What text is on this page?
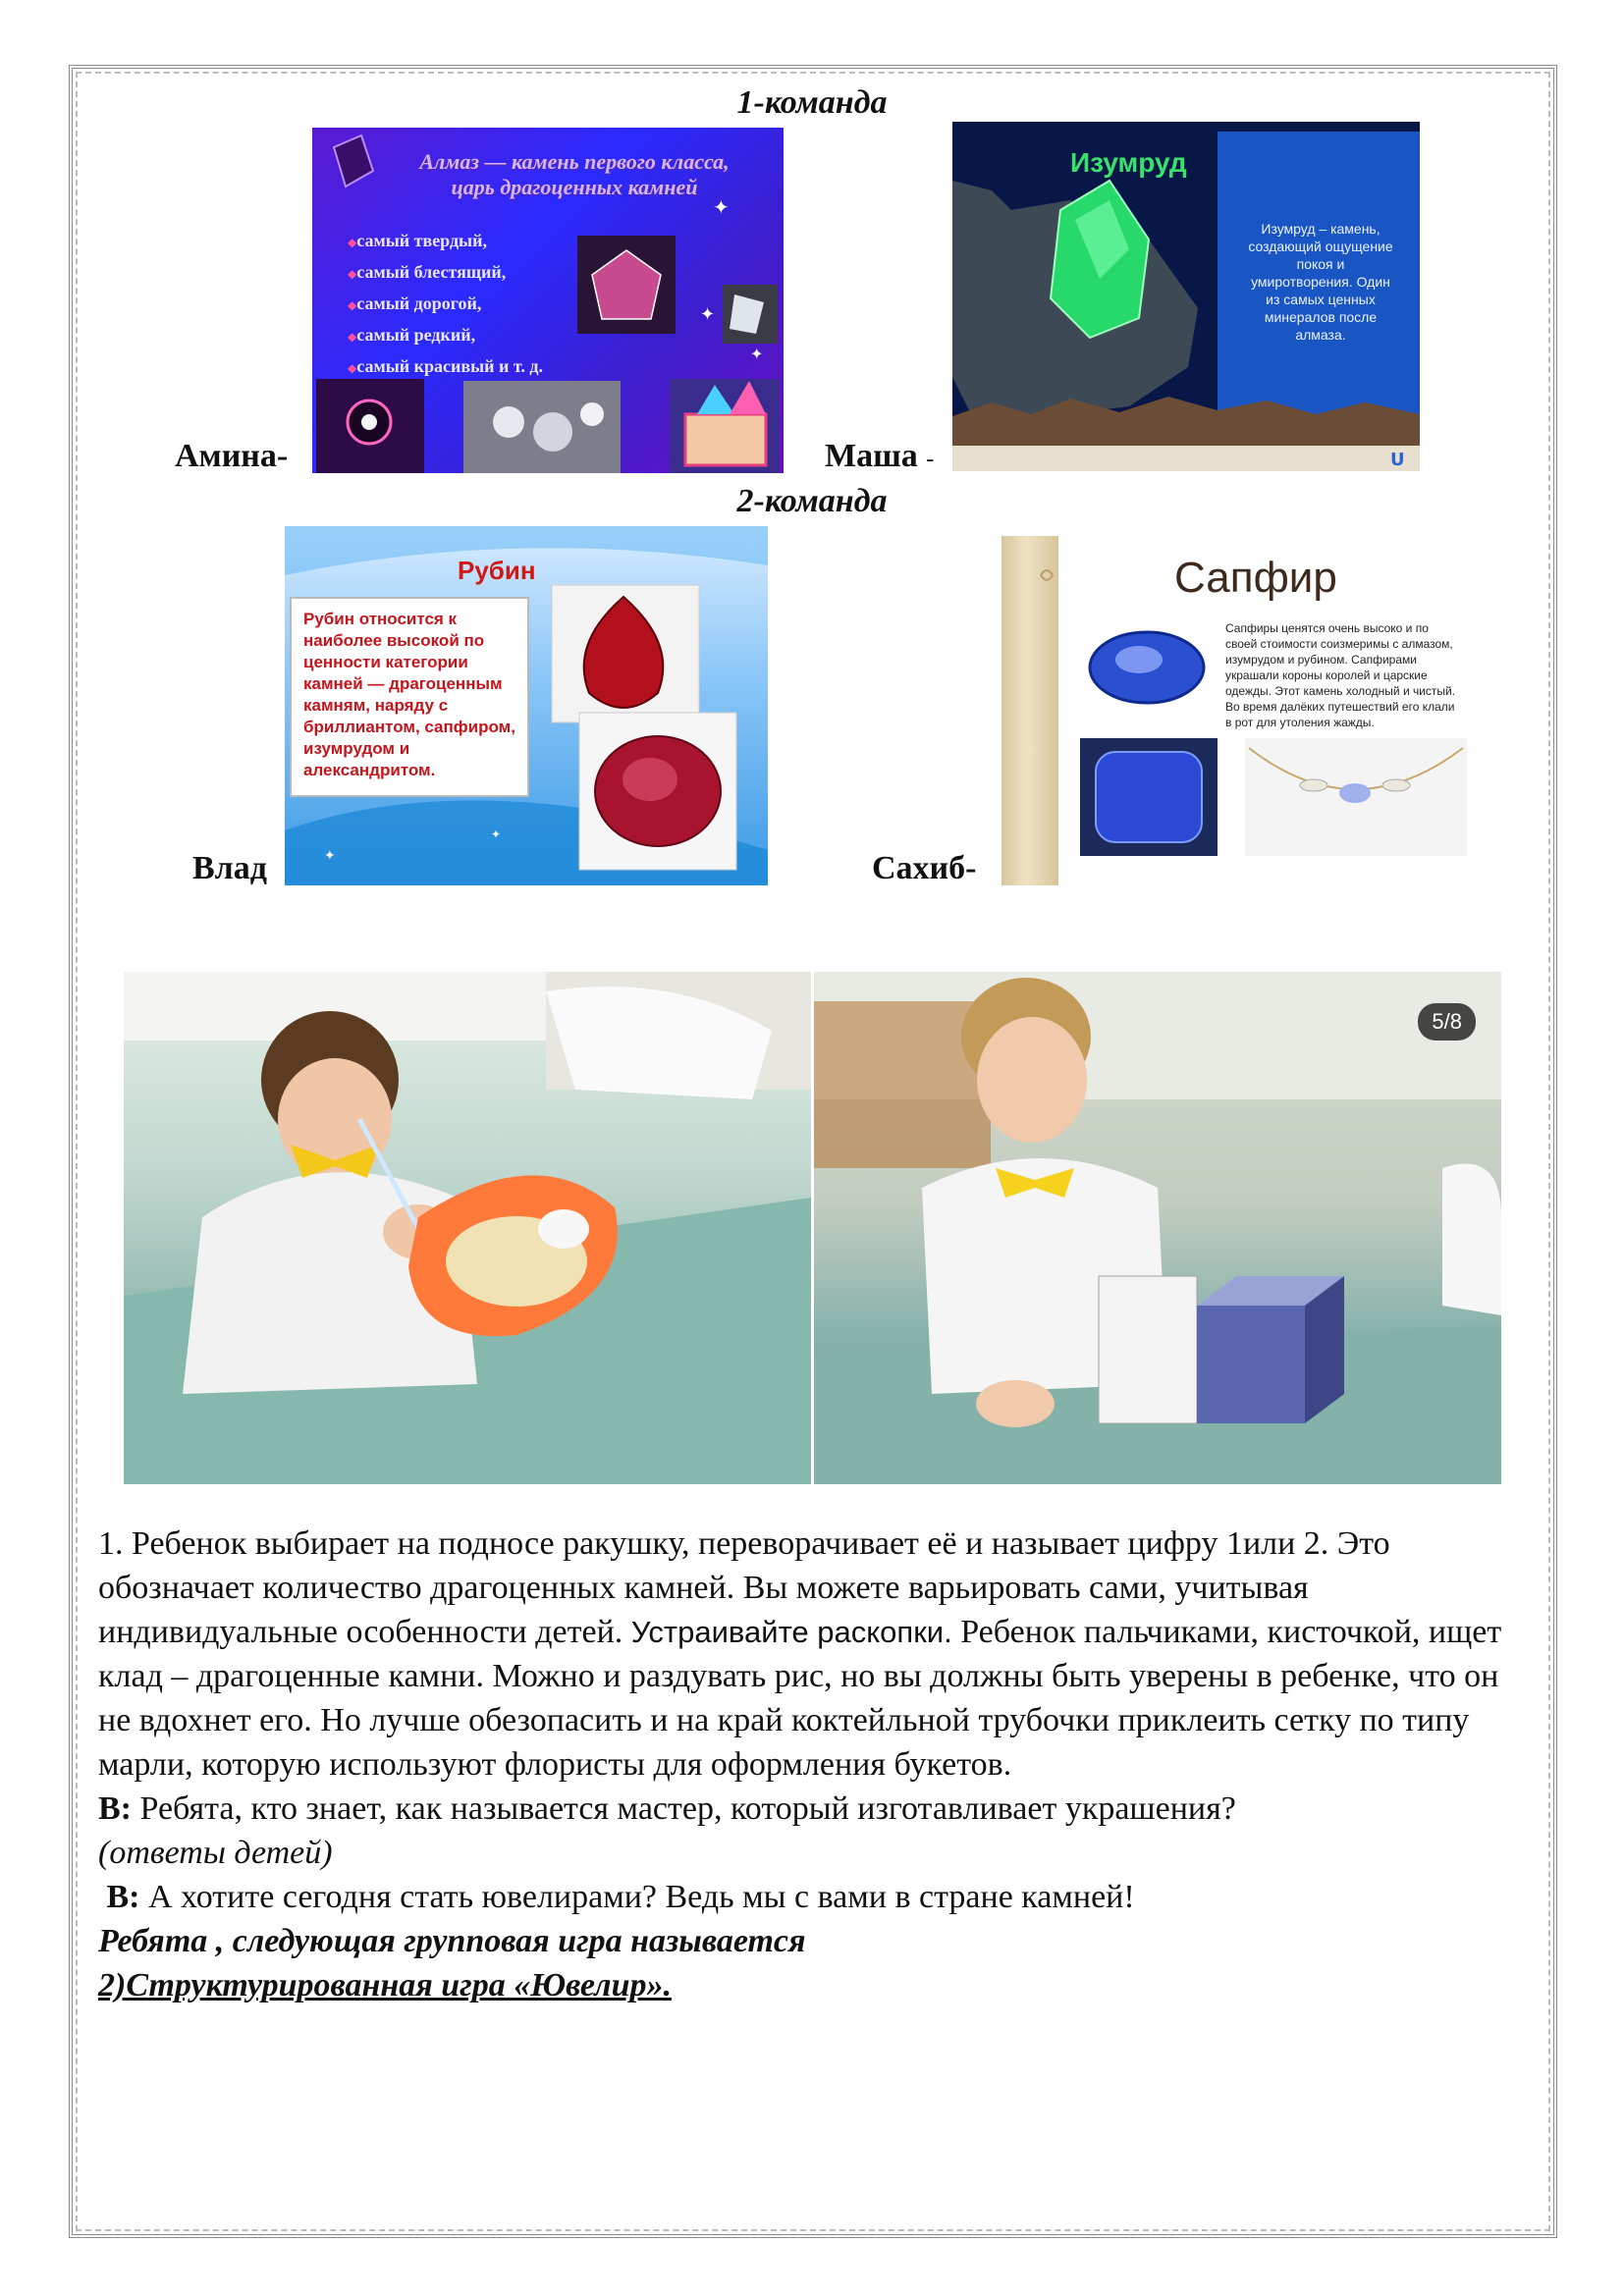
1-команда
Амина-
Алмаз — камень первого класса,
царь драгоценных камней
◆ самый твердый,
◆ самый блестящий,
◆ самый дорогой,
◆ самый редкий,
◆ самый красивый и т. д.
✦
✦
✦
Маша -	U
Изумруд
Изумруд – камень, создающий ощущение покоя и умиротворения. Один из самых ценных минералов после алмаза.
2-команда
Влад	✦
✦
Рубин
Рубин относится к наиболее высокой по ценности категории камней — драгоценным камням, наряду с бриллиантом, сапфиром, изумрудом и александритом.
Сахиб-
Сапфир
Сапфиры ценятся очень высоко и по своей стоимости соизмеримы с алмазом, изумрудом и рубином. Сапфирами украшали короны королей и царские одежды. Этот камень холодный и чистый. Во время далёких путешествий его клали в рот для утоления жажды.
5/8

1. Ребенок выбирает на подносе ракушку, переворачивает её и называет цифру 1или 2. Это обозначает количество драгоценных камней. Вы можете варьировать сами, учитывая индивидуальные особенности детей. Устраивайте раскопки. Ребенок пальчиками, кисточкой, ищет клад – драгоценные камни. Можно и раздувать рис, но вы должны быть уверены в ребенке, что он не вдохнет его. Но лучше обезопасить и на край коктейльной трубочки приклеить сетку по типу марли, которую используют флористы для оформления букетов.

В: Ребята, кто знает, как называется мастер, который изготавливает украшения?

(ответы детей)

В: А хотите сегодня стать ювелирами? Ведь мы с вами в стране камней!

Ребята , следующая групповая игра называется

2)Структурированная игра «Ювелир».
